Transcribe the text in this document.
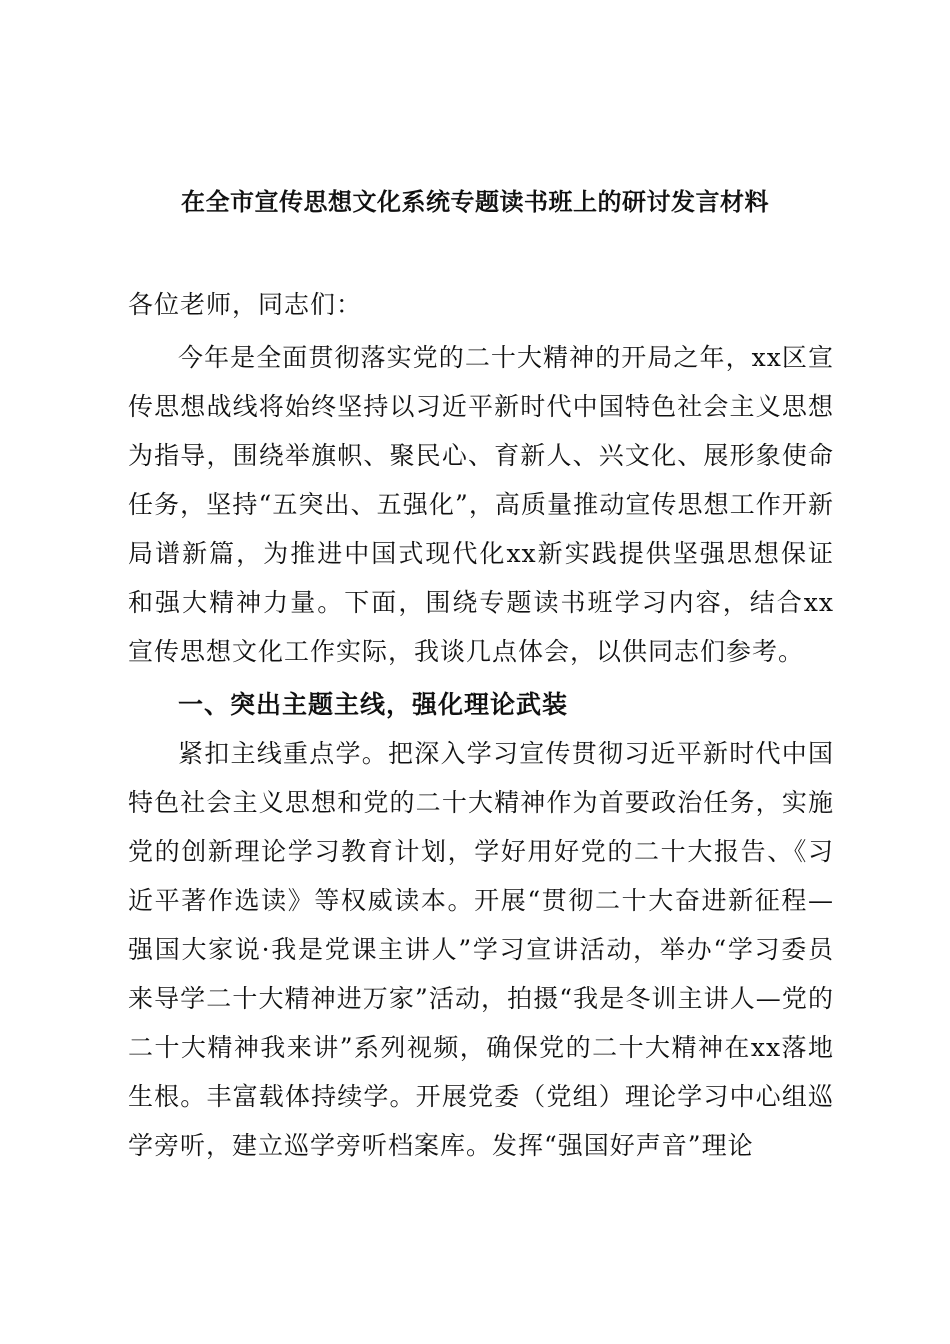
在全市宣传思想文化系统专题读书班上的研讨发言材料

各位老师，同志们：

今年是全面贯彻落实党的二十大精神的开局之年，xx区宣传思想战线将始终坚持以习近平新时代中国特色社会主义思想为指导，围绕举旗帜、聚民心、育新人、兴文化、展形象使命任务，坚持“五突出、五强化”，高质量推动宣传思想工作开新局谱新篇，为推进中国式现代化xx新实践提供坚强思想保证和强大精神力量。下面，围绕专题读书班学习内容，结合xx宣传思想文化工作实际，我谈几点体会，以供同志们参考。

一、突出主题主线，强化理论武装

紧扣主线重点学。把深入学习宣传贯彻习近平新时代中国特色社会主义思想和党的二十大精神作为首要政治任务，实施党的创新理论学习教育计划，学好用好党的二十大报告、《习近平著作选读》等权威读本。开展“贯彻二十大奋进新征程—强国大家说·我是党课主讲人”学习宣讲活动，举办“学习委员来导学二十大精神进万家”活动，拍摄“我是冬训主讲人—党的二十大精神我来讲”系列视频，确保党的二十大精神在xx落地生根。丰富载体持续学。开展党委（党组）理论学习中心组巡学旁听，建立巡学旁听档案库。发挥“强国好声音”理论
